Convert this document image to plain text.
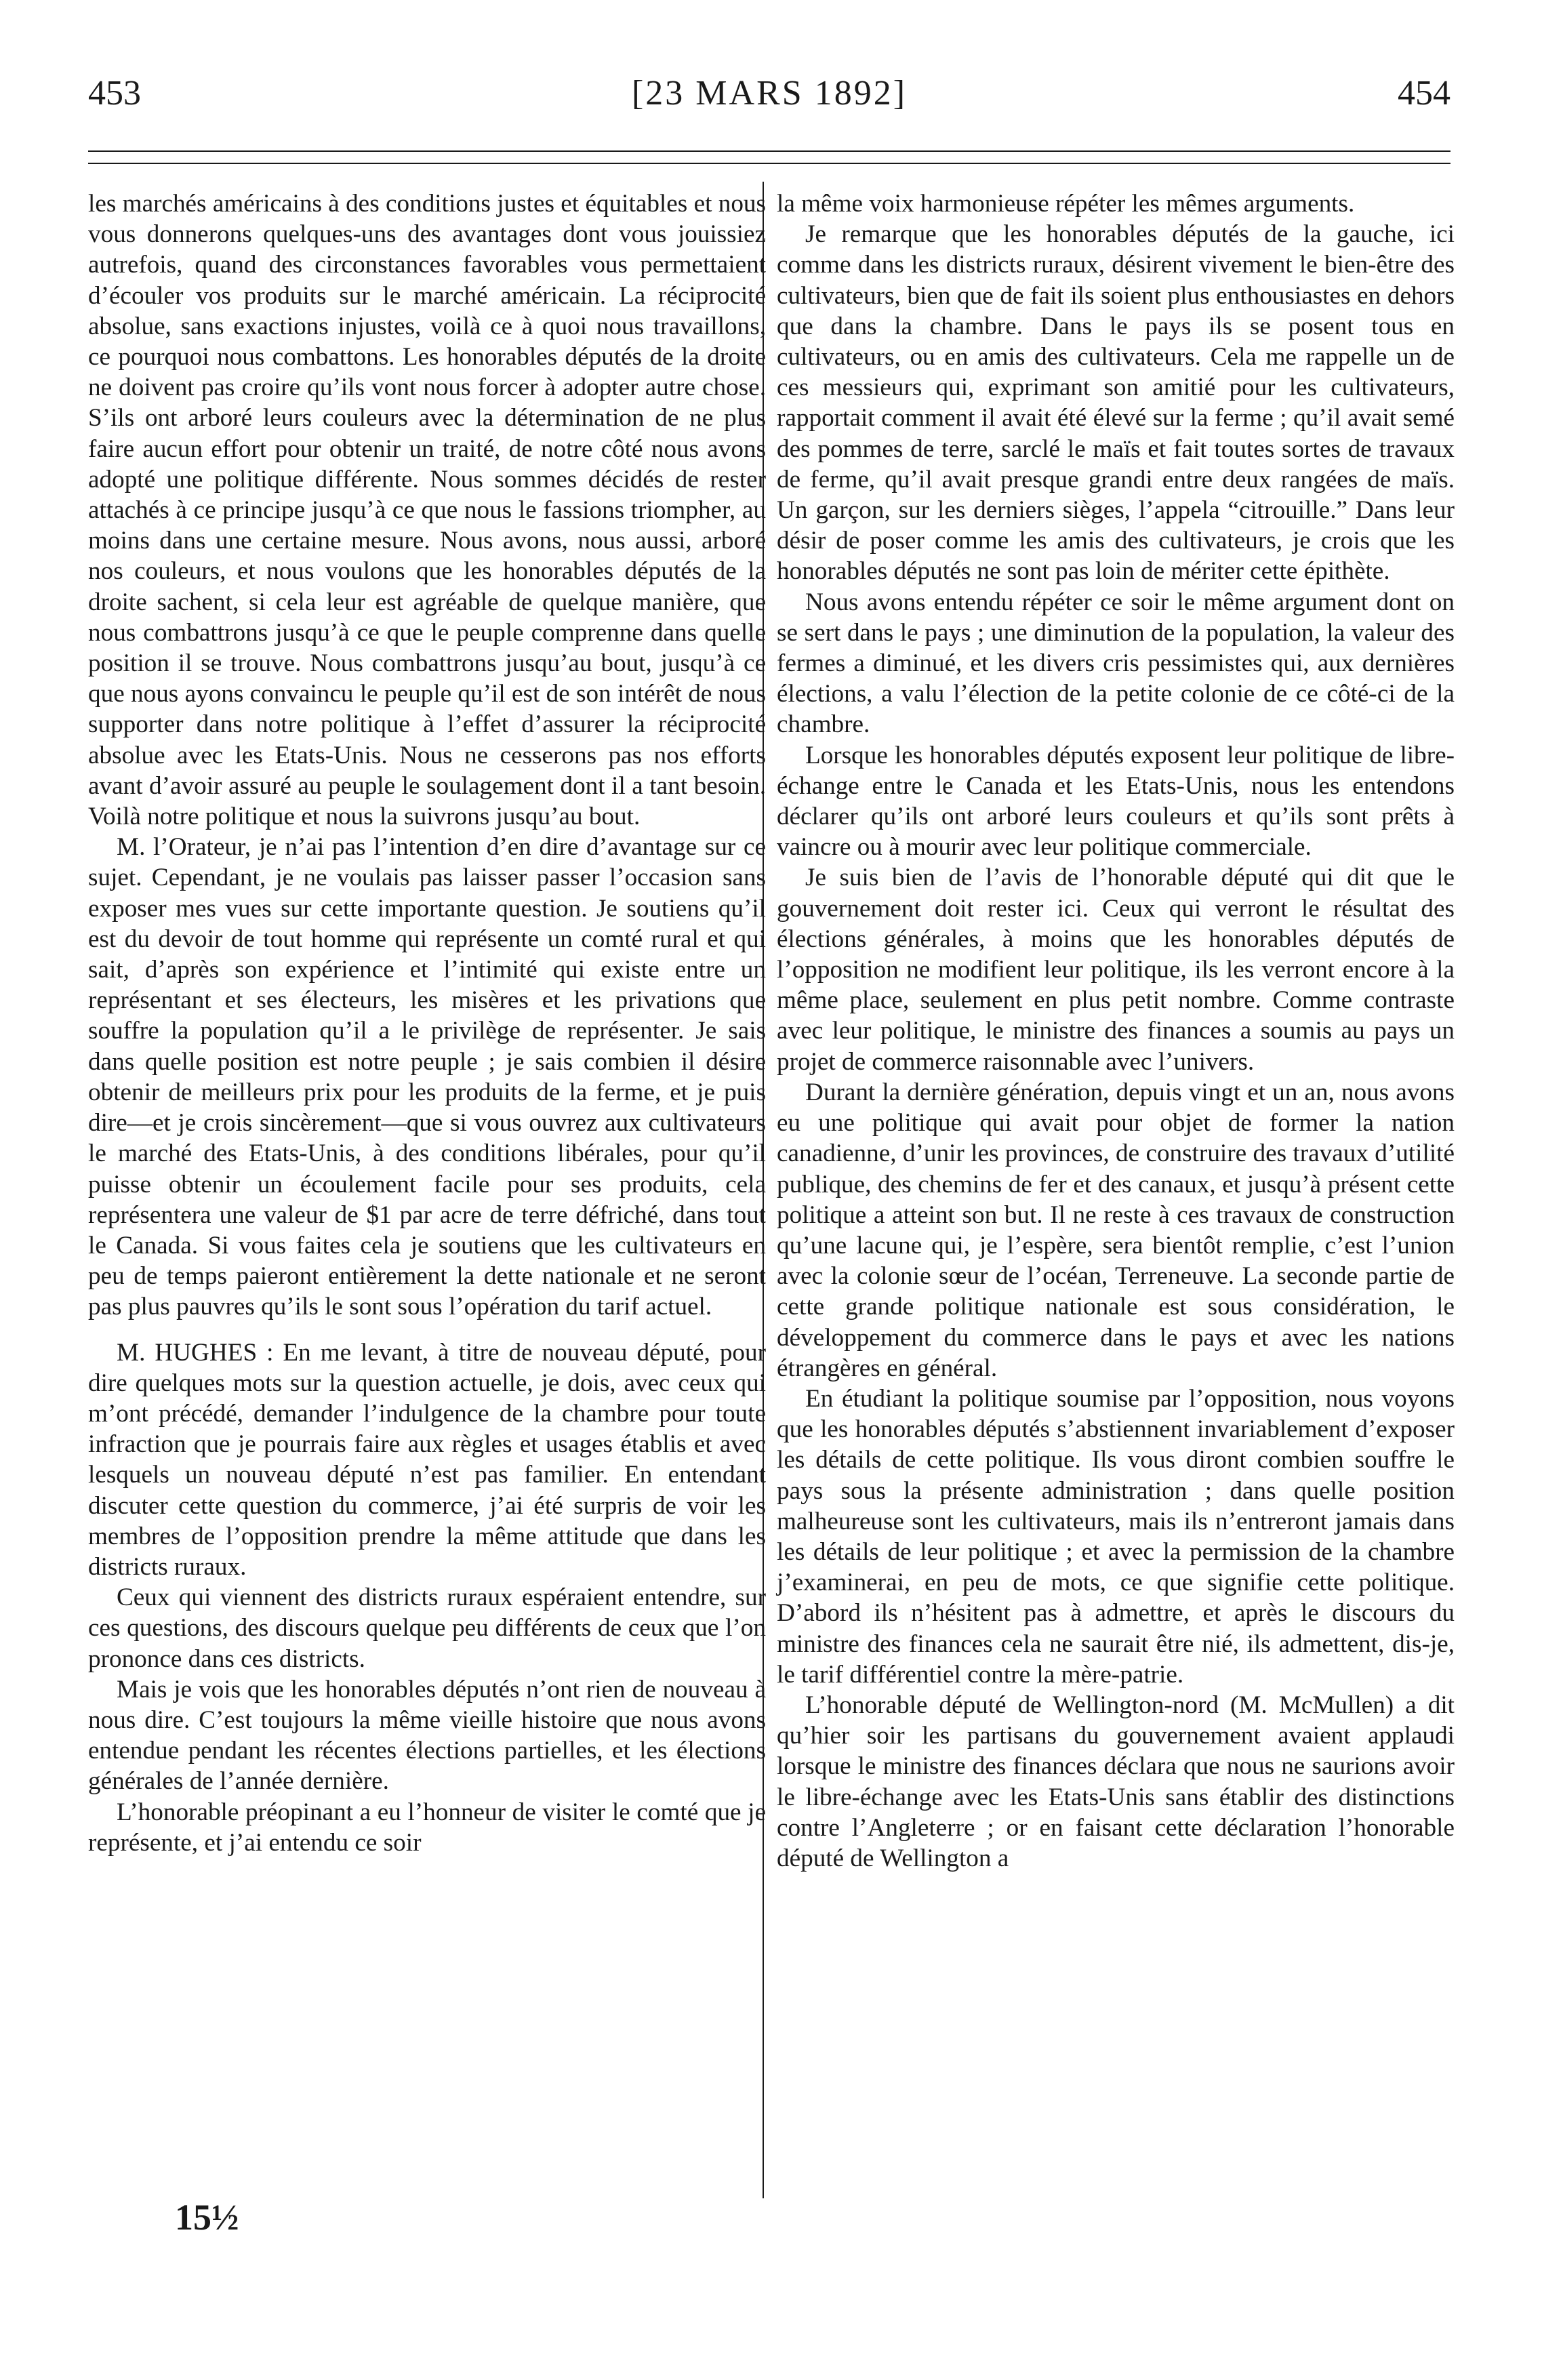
453	[23 MARS 1892]	454

les marchés américains à des conditions justes et équitables et nous vous donnerons quelques-uns des avantages dont vous jouissiez autrefois, quand des circonstances favorables vous permettaient d’écouler vos produits sur le marché américain. La réciprocité absolue, sans exactions injustes, voilà ce à quoi nous travaillons, ce pourquoi nous combattons. Les honorables députés de la droite ne doivent pas croire qu’ils vont nous forcer à adopter autre chose. S’ils ont arboré leurs couleurs avec la détermination de ne plus faire aucun effort pour obtenir un traité, de notre côté nous avons adopté une politique différente. Nous sommes décidés de rester attachés à ce principe jusqu’à ce que nous le fassions triompher, au moins dans une certaine mesure. Nous avons, nous aussi, arboré nos couleurs, et nous voulons que les honorables députés de la droite sachent, si cela leur est agréable de quelque manière, que nous combattrons jusqu’à ce que le peuple comprenne dans quelle position il se trouve. Nous combattrons jusqu’au bout, jusqu’à ce que nous ayons convaincu le peuple qu’il est de son intérêt de nous supporter dans notre politique à l’effet d’assurer la réciprocité absolue avec les Etats-Unis. Nous ne cesserons pas nos efforts avant d’avoir assuré au peuple le soulagement dont il a tant besoin. Voilà notre politique et nous la suivrons jusqu’au bout.

M. l’Orateur, je n’ai pas l’intention d’en dire d’avantage sur ce sujet. Cependant, je ne voulais pas laisser passer l’occasion sans exposer mes vues sur cette importante question. Je soutiens qu’il est du devoir de tout homme qui représente un comté rural et qui sait, d’après son expérience et l’intimité qui existe entre un représentant et ses électeurs, les misères et les privations que souffre la population qu’il a le privilège de représenter. Je sais dans quelle position est notre peuple ; je sais combien il désire obtenir de meilleurs prix pour les produits de la ferme, et je puis dire—et je crois sincèrement—que si vous ouvrez aux cultivateurs le marché des Etats-Unis, à des conditions libérales, pour qu’il puisse obtenir un écoulement facile pour ses produits, cela représentera une valeur de $1 par acre de terre défriché, dans tout le Canada. Si vous faites cela je soutiens que les cultivateurs en peu de temps paieront entièrement la dette nationale et ne seront pas plus pauvres qu’ils le sont sous l’opération du tarif actuel.

M. HUGHES : En me levant, à titre de nouveau député, pour dire quelques mots sur la question actuelle, je dois, avec ceux qui m’ont précédé, demander l’indulgence de la chambre pour toute infraction que je pourrais faire aux règles et usages établis et avec lesquels un nouveau député n’est pas familier. En entendant discuter cette question du commerce, j’ai été surpris de voir les membres de l’opposition prendre la même attitude que dans les districts ruraux.

Ceux qui viennent des districts ruraux espéraient entendre, sur ces questions, des discours quelque peu différents de ceux que l’on prononce dans ces districts.

Mais je vois que les honorables députés n’ont rien de nouveau à nous dire. C’est toujours la même vieille histoire que nous avons entendue pendant les récentes élections partielles, et les élections générales de l’année dernière.

L’honorable préopinant a eu l’honneur de visiter le comté que je représente, et j’ai entendu ce soir

la même voix harmonieuse répéter les mêmes arguments.

Je remarque que les honorables députés de la gauche, ici comme dans les districts ruraux, désirent vivement le bien-être des cultivateurs, bien que de fait ils soient plus enthousiastes en dehors que dans la chambre. Dans le pays ils se posent tous en cultivateurs, ou en amis des cultivateurs. Cela me rappelle un de ces messieurs qui, exprimant son amitié pour les cultivateurs, rapportait comment il avait été élevé sur la ferme ; qu’il avait semé des pommes de terre, sarclé le maïs et fait toutes sortes de travaux de ferme, qu’il avait presque grandi entre deux rangées de maïs. Un garçon, sur les derniers sièges, l’appela “citrouille.” Dans leur désir de poser comme les amis des cultivateurs, je crois que les honorables députés ne sont pas loin de mériter cette épithète.

Nous avons entendu répéter ce soir le même argument dont on se sert dans le pays ; une diminution de la population, la valeur des fermes a diminué, et les divers cris pessimistes qui, aux dernières élections, a valu l’élection de la petite colonie de ce côté-ci de la chambre.

Lorsque les honorables députés exposent leur politique de libre-échange entre le Canada et les Etats-Unis, nous les entendons déclarer qu’ils ont arboré leurs couleurs et qu’ils sont prêts à vaincre ou à mourir avec leur politique commerciale.

Je suis bien de l’avis de l’honorable député qui dit que le gouvernement doit rester ici. Ceux qui verront le résultat des élections générales, à moins que les honorables députés de l’opposition ne modifient leur politique, ils les verront encore à la même place, seulement en plus petit nombre. Comme contraste avec leur politique, le ministre des finances a soumis au pays un projet de commerce raisonnable avec l’univers.

Durant la dernière génération, depuis vingt et un an, nous avons eu une politique qui avait pour objet de former la nation canadienne, d’unir les provinces, de construire des travaux d’utilité publique, des chemins de fer et des canaux, et jusqu’à présent cette politique a atteint son but. Il ne reste à ces travaux de construction qu’une lacune qui, je l’espère, sera bientôt remplie, c’est l’union avec la colonie sœur de l’océan, Terreneuve. La seconde partie de cette grande politique nationale est sous considération, le développement du commerce dans le pays et avec les nations étrangères en général.

En étudiant la politique soumise par l’opposition, nous voyons que les honorables députés s’abstiennent invariablement d’exposer les détails de cette politique. Ils vous diront combien souffre le pays sous la présente administration ; dans quelle position malheureuse sont les cultivateurs, mais ils n’entreront jamais dans les détails de leur politique ; et avec la permission de la chambre j’examinerai, en peu de mots, ce que signifie cette politique. D’abord ils n’hésitent pas à admettre, et après le discours du ministre des finances cela ne saurait être nié, ils admettent, dis-je, le tarif différentiel contre la mère-patrie.

L’honorable député de Wellington-nord (M. McMullen) a dit qu’hier soir les partisans du gouvernement avaient applaudi lorsque le ministre des finances déclara que nous ne saurions avoir le libre-échange avec les Etats-Unis sans établir des distinctions contre l’Angleterre ; or en faisant cette déclaration l’honorable député de Wellington a

15½
